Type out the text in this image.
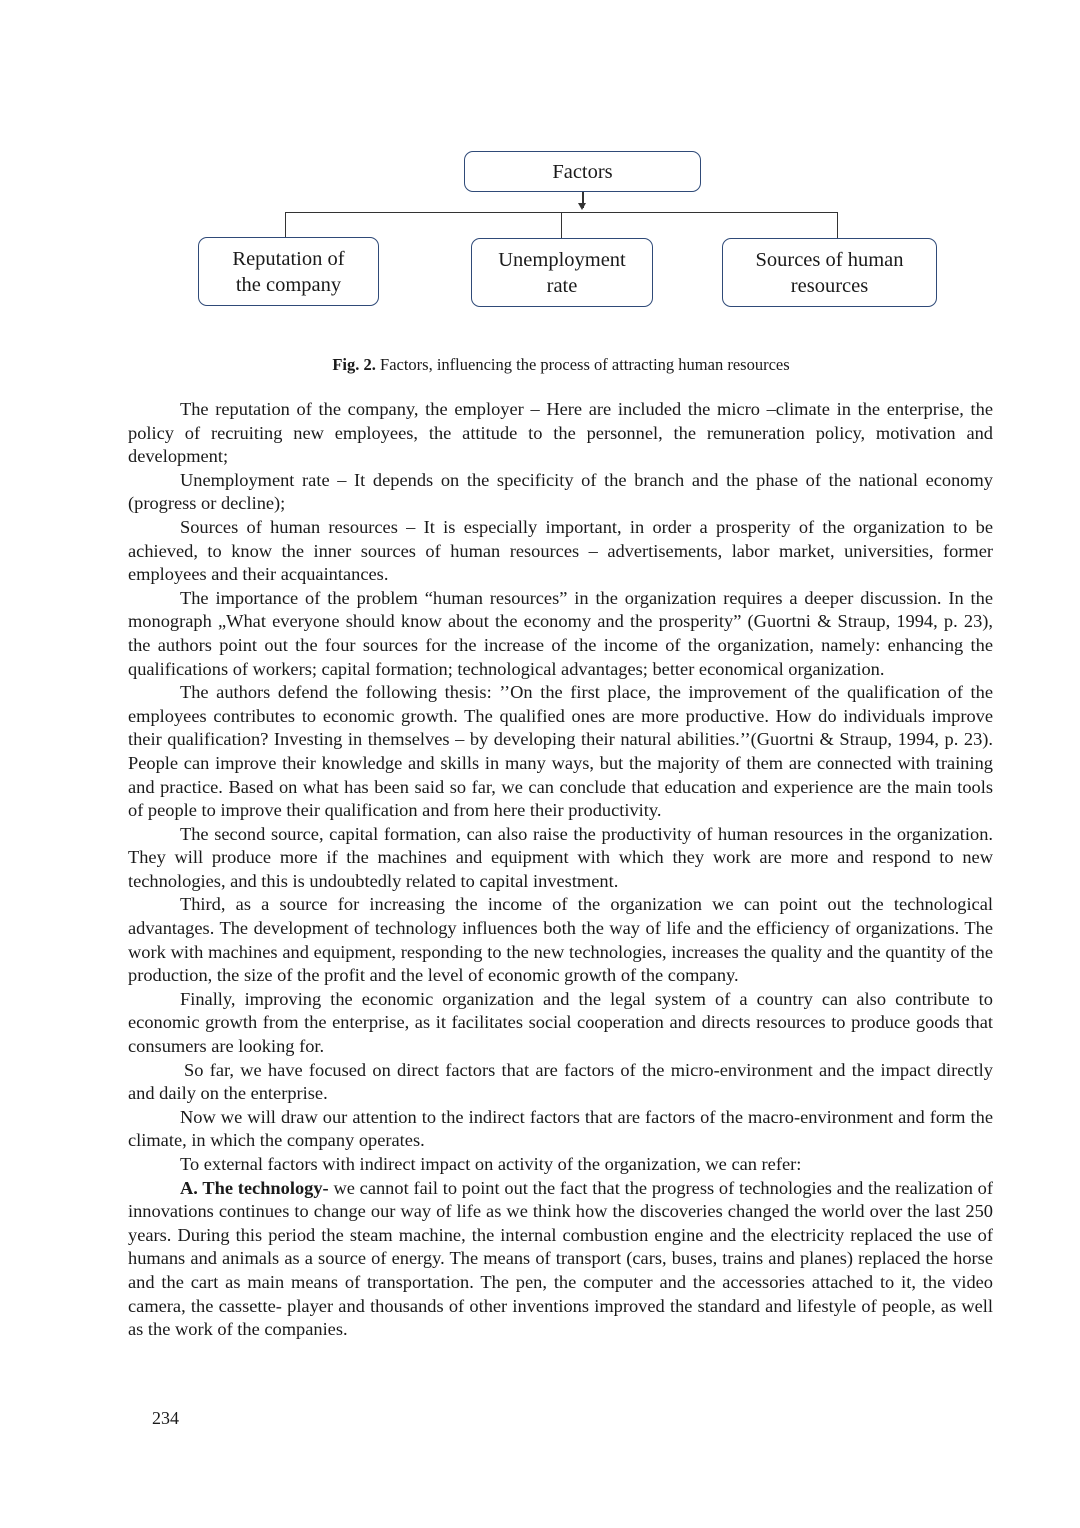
Factors
Reputation of
the company
Unemployment
rate
Sources of human
resources
Fig. 2. Factors, influencing the process of attracting human resources

The reputation of the company, the employer – Here are included the micro –climate in the enterprise, the policy of recruiting new employees, the attitude to the personnel, the remuneration policy, motivation and development;

Unemployment rate – It depends on the specificity of the branch and the phase of the national economy (progress or decline);

Sources of human resources – It is especially important, in order a prosperity of the organization to be achieved, to know the inner sources of human resources – advertisements, labor market, universities, former employees and their acquaintances.

The importance of the problem “human resources” in the organization requires a deeper discussion. In the monograph „What everyone should know about the economy and the prosperity” (Guortni & Straup, 1994, p. 23), the authors point out the four sources for the increase of the income of the organization, namely: enhancing the qualifications of workers; capital formation; technological advantages; better economical organization.

The authors defend the following thesis: ’’On the first place, the improvement of the qualification of the employees contributes to economic growth. The qualified ones are more productive. How do individuals improve their qualification? Investing in themselves – by developing their natural abilities.’’(Guortni & Straup, 1994, p. 23). People can improve their knowledge and skills in many ways, but the majority of them are connected with training and practice. Based on what has been said so far, we can conclude that education and experience are the main tools of people to improve their qualification and from here their productivity.

The second source, capital formation, can also raise the productivity of human resources in the organization. They will produce more if the machines and equipment with which they work are more and respond to new technologies, and this is undoubtedly related to capital investment.

Third, as a source for increasing the income of the organization we can point out the technological advantages. The development of technology influences both the way of life and the efficiency of organizations. The work with machines and equipment, responding to the new technologies, increases the quality and the quantity of the production, the size of the profit and the level of economic growth of the company.

Finally, improving the economic organization and the legal system of a country can also contribute to economic growth from the enterprise, as it facilitates social cooperation and directs resources to produce goods that consumers are looking for.

So far, we have focused on direct factors that are factors of the micro-environment and the impact directly and daily on the enterprise.

Now we will draw our attention to the indirect factors that are factors of the macro-environment and form the climate, in which the company operates.

To external factors with indirect impact on activity of the organization, we can refer:

A. The technology- we cannot fail to point out the fact that the progress of technologies and the realization of innovations continues to change our way of life as we think how the discoveries changed the world over the last 250 years. During this period the steam machine, the internal combustion engine and the electricity replaced the use of humans and animals as a source of energy. The means of transport (cars, buses, trains and planes) replaced the horse and the cart as main means of transportation. The pen, the computer and the accessories attached to it, the video camera, the cassette- player and thousands of other inventions improved the standard and lifestyle of people, as well as the work of the companies.

234
